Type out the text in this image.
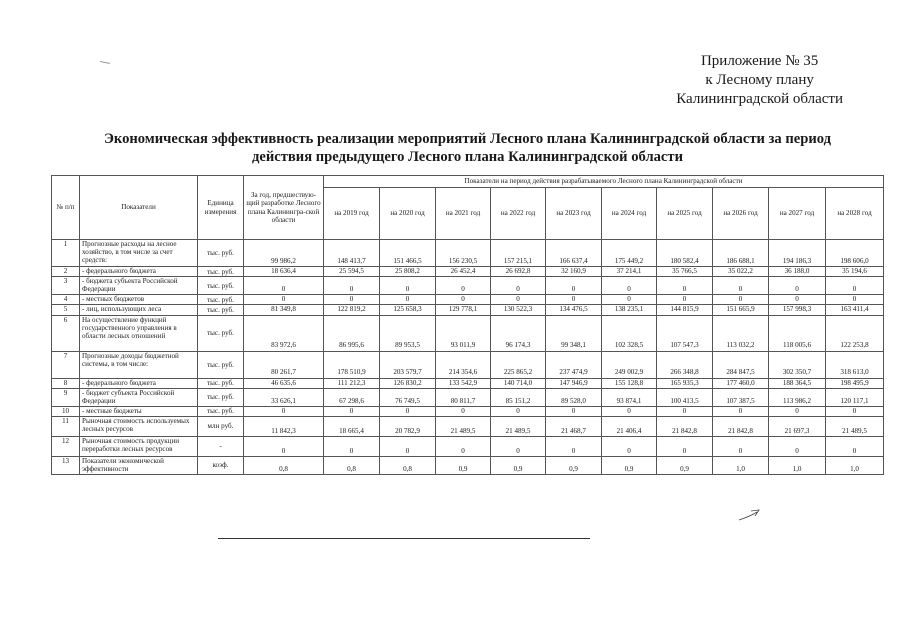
Приложение № 35
к Лесному плану
Калининградской области
Экономическая эффективность реализации мероприятий Лесного плана Калининградской области за период
действия предыдущего Лесного плана Калининградской области
№ п/п	Показатели	Единица измерения	За год, предшествую-щий разработке Лесного плана Калинингра-ской области	Показатели на период действия разрабатываемого Лесного плана Калининградской области									
				на 2019 год	на 2020 год	на 2021 год	на 2022 год	на 2023 год	на 2024 год	на 2025 год	на 2026 год	на 2027 год	на 2028 год
1	Прогнозные расходы на лесное хозяйство, в том числе за счет средств:	тыс. руб.	99 986,2	148 413,7	151 466,5	156 230,5	157 215,1	166 637,4	175 449,2	180 582,4	186 688,1	194 186,3	198 606,0
2	- федерального бюджета	тыс. руб.	18 636,4	25 594,5	25 808,2	26 452,4	26 692,8	32 160,9	37 214,1	35 766,5	35 022,2	36 188,0	35 194,6
3	- бюджета субъекта Российской Федерации	тыс. руб.	0	0	0	0	0	0	0	0	0	0	0
4	- местных бюджетов	тыс. руб.	0	0	0	0	0	0	0	0	0	0	0
5	- лиц, использующих леса	тыс. руб.	81 349,8	122 819,2	125 658,3	129 778,1	130 522,3	134 476,5	138 235,1	144 815,9	151 665,9	157 998,3	163 411,4
6	На осуществление функций государственного управления в области лесных отношений	тыс. руб.	83 972,6	86 995,6	89 953,5	93 011,9	96 174,3	99 348,1	102 328,5	107 547,3	113 032,2	118 005,6	122 253,8
7	Прогнозные доходы бюджетной системы, в том числе:	тыс. руб.	80 261,7	178 510,9	203 579,7	214 354,6	225 865,2	237 474,9	249 002,9	266 348,8	284 847,5	302 350,7	318 613,0
8	- федерального бюджета	тыс. руб.	46 635,6	111 212,3	126 830,2	133 542,9	140 714,0	147 946,9	155 128,8	165 935,3	177 460,0	188 364,5	198 495,9
9	- бюджет субъекта Российской Федерации	тыс. руб.	33 626,1	67 298,6	76 749,5	80 811,7	85 151,2	89 528,0	93 874,1	100 413,5	107 387,5	113 986,2	120 117,1
10	- местные бюджеты	тыс. руб.	0	0	0	0	0	0	0	0	0	0	0
11	Рыночная стоимость используемых лесных ресурсов	млн руб.	11 842,3	18 665,4	20 782,9	21 489,5	21 489,5	21 468,7	21 406,4	21 842,8	21 842,8	21 697,3	21 489,5
12	Рыночная стоимость продукции переработки лесных ресурсов	-	0	0	0	0	0	0	0	0	0	0	0
13	Показатели экономической эффективности	коэф.	0,8	0,8	0,8	0,9	0,9	0,9	0,9	0,9	1,0	1,0	1,0
